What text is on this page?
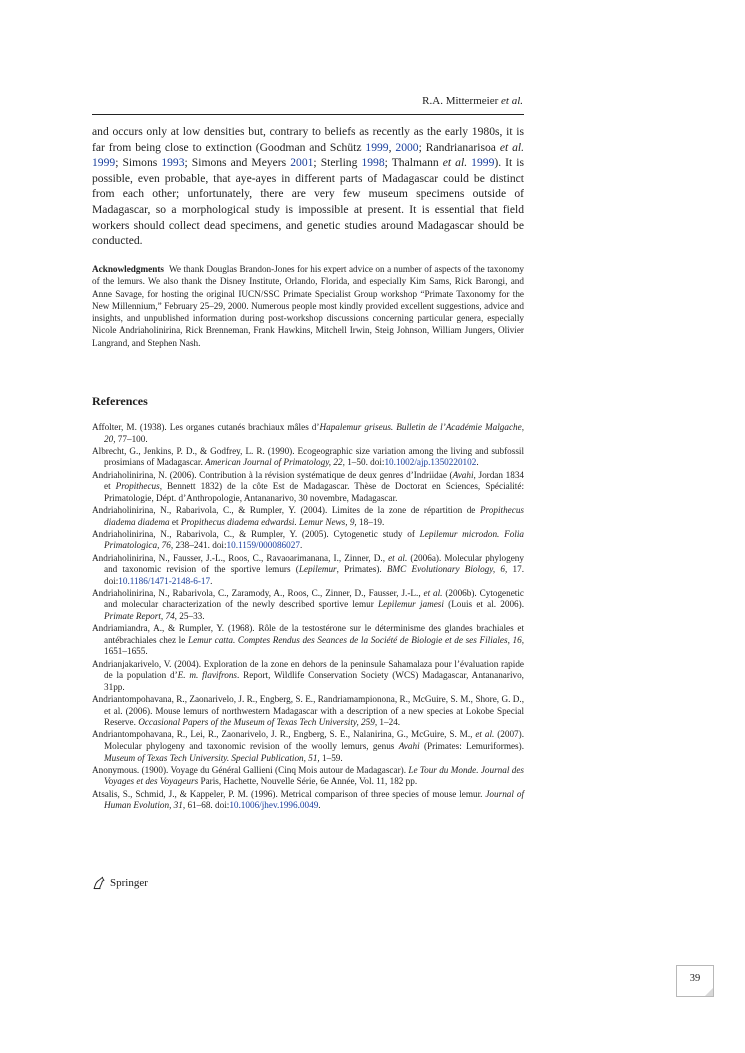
R.A. Mittermeier et al.

and occurs only at low densities but, contrary to beliefs as recently as the early 1980s, it is far from being close to extinction (Goodman and Schütz 1999, 2000; Randrianarisoa et al. 1999; Simons 1993; Simons and Meyers 2001; Sterling 1998; Thalmann et al. 1999). It is possible, even probable, that aye-ayes in different parts of Madagascar could be distinct from each other; unfortunately, there are very few museum specimens outside of Madagascar, so a morphological study is impossible at present. It is essential that field workers should collect dead specimens, and genetic studies around Madagascar should be conducted.

Acknowledgments We thank Douglas Brandon-Jones for his expert advice on a number of aspects of the taxonomy of the lemurs. We also thank the Disney Institute, Orlando, Florida, and especially Kim Sams, Rick Barongi, and Anne Savage, for hosting the original IUCN/SSC Primate Specialist Group workshop “Primate Taxonomy for the New Millennium,” February 25–29, 2000. Numerous people most kindly provided excellent suggestions, advice and insights, and unpublished information during post-workshop discussions concerning particular genera, especially Nicole Andriaholinirina, Rick Brenneman, Frank Hawkins, Mitchell Irwin, Steig Johnson, William Jungers, Olivier Langrand, and Stephen Nash.

References
Affolter, M. (1938). Les organes cutanés brachiaux mâles d’Hapalemur griseus. Bulletin de l’Académie Malgache, 20, 77–100.
Albrecht, G., Jenkins, P. D., & Godfrey, L. R. (1990). Ecogeographic size variation among the living and subfossil prosimians of Madagascar. American Journal of Primatology, 22, 1–50. doi:10.1002/ajp.1350220102.
Andriaholinirina, N. (2006). Contribution à la révision systématique de deux genres d’Indriidae (Avahi, Jordan 1834 et Propithecus, Bennett 1832) de la côte Est de Madagascar. Thèse de Doctorat en Sciences, Spécialité: Primatologie, Dépt. d’Anthropologie, Antananarivo, 30 novembre, Madagascar.
Andriaholinirina, N., Rabarivola, C., & Rumpler, Y. (2004). Limites de la zone de répartition de Propithecus diadema diadema et Propithecus diadema edwardsi. Lemur News, 9, 18–19.
Andriaholinirina, N., Rabarivola, C., & Rumpler, Y. (2005). Cytogenetic study of Lepilemur microdon. Folia Primatologica, 76, 238–241. doi:10.1159/000086027.
Andriaholinirina, N., Fausser, J.-L., Roos, C., Ravaoarimanana, I., Zinner, D., et al. (2006a). Molecular phylogeny and taxonomic revision of the sportive lemurs (Lepilemur, Primates). BMC Evolutionary Biology, 6, 17. doi:10.1186/1471-2148-6-17.
Andriaholinirina, N., Rabarivola, C., Zaramody, A., Roos, C., Zinner, D., Fausser, J.-L., et al. (2006b). Cytogenetic and molecular characterization of the newly described sportive lemur Lepilemur jamesi (Louis et al. 2006). Primate Report, 74, 25–33.
Andriamiandra, A., & Rumpler, Y. (1968). Rôle de la testostérone sur le déterminisme des glandes brachiales et antébrachiales chez le Lemur catta. Comptes Rendus des Seances de la Société de Biologie et de ses Filiales, 16, 1651–1655.
Andrianjakarivelo, V. (2004). Exploration de la zone en dehors de la peninsule Sahamalaza pour l’évaluation rapide de la population d’E. m. flavifrons. Report, Wildlife Conservation Society (WCS) Madagascar, Antananarivo, 31pp.
Andriantompohavana, R., Zaonarivelo, J. R., Engberg, S. E., Randriamampionona, R., McGuire, S. M., Shore, G. D., et al. (2006). Mouse lemurs of northwestern Madagascar with a description of a new species at Lokobe Special Reserve. Occasional Papers of the Museum of Texas Tech University, 259, 1–24.
Andriantompohavana, R., Lei, R., Zaonarivelo, J. R., Engberg, S. E., Nalanirina, G., McGuire, S. M., et al. (2007). Molecular phylogeny and taxonomic revision of the woolly lemurs, genus Avahi (Primates: Lemuriformes). Museum of Texas Tech University. Special Publication, 51, 1–59.
Anonymous. (1900). Voyage du Général Gallieni (Cinq Mois autour de Madagascar). Le Tour du Monde. Journal des Voyages et des Voyageurs Paris, Hachette, Nouvelle Série, 6e Année, Vol. 11, 182 pp.
Atsalis, S., Schmid, J., & Kappeler, P. M. (1996). Metrical comparison of three species of mouse lemur. Journal of Human Evolution, 31, 61–68. doi:10.1006/jhev.1996.0049.
Springer
39
